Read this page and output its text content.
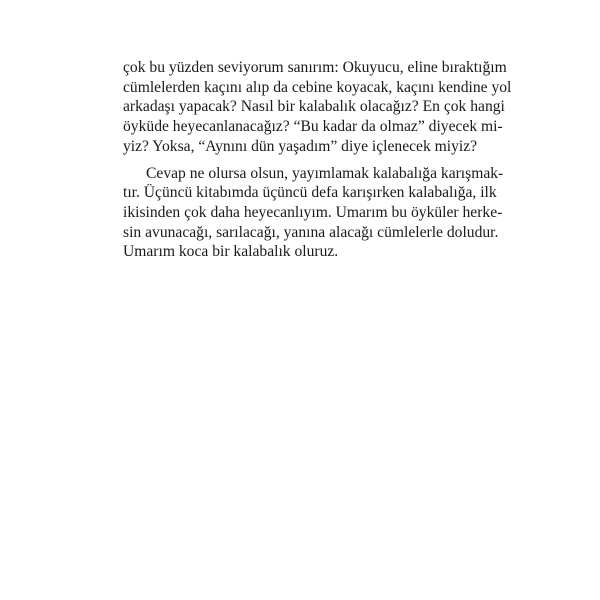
çok bu yüzden seviyorum sanırım: Okuyucu, eline bıraktığım
cümlelerden kaçını alıp da cebine koyacak, kaçını kendine yol
arkadaşı yapacak? Nasıl bir kalabalık olacağız? En çok hangi
öyküde heyecanlanacağız? “Bu kadar da olmaz” diyecek mi-
yiz? Yoksa, “Aynını dün yaşadım” diye içlenecek miyiz?

Cevap ne olursa olsun, yayımlamak kalabalığa karışmak-
tır. Üçüncü kitabımda üçüncü defa karışırken kalabalığa, ilk
ikisinden çok daha heyecanlıyım. Umarım bu öyküler herke-
sin avunacağı, sarılacağı, yanına alacağı cümlelerle doludur.
Umarım koca bir kalabalık oluruz.
